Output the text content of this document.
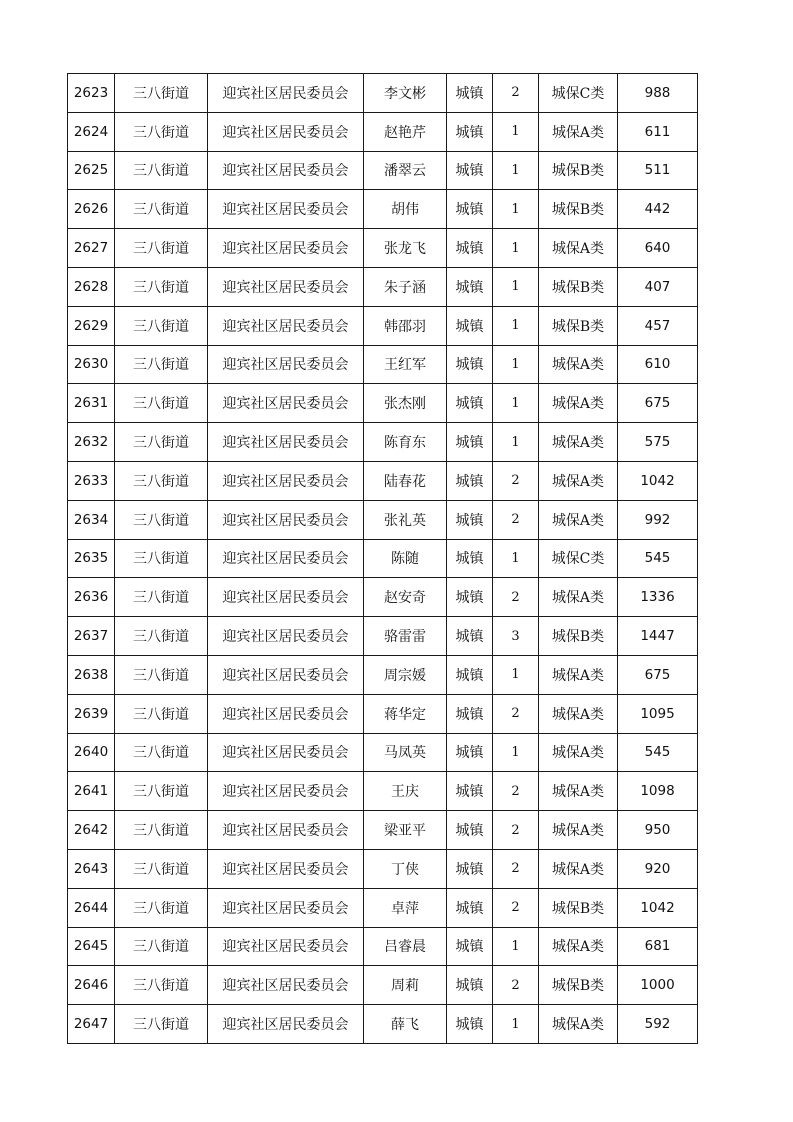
2623	三八街道	迎宾社区居民委员会	李文彬	城镇	2	城保C类	988
2624	三八街道	迎宾社区居民委员会	赵艳芹	城镇	1	城保A类	611
2625	三八街道	迎宾社区居民委员会	潘翠云	城镇	1	城保B类	511
2626	三八街道	迎宾社区居民委员会	胡伟	城镇	1	城保B类	442
2627	三八街道	迎宾社区居民委员会	张龙飞	城镇	1	城保A类	640
2628	三八街道	迎宾社区居民委员会	朱子涵	城镇	1	城保B类	407
2629	三八街道	迎宾社区居民委员会	韩邵羽	城镇	1	城保B类	457
2630	三八街道	迎宾社区居民委员会	王红军	城镇	1	城保A类	610
2631	三八街道	迎宾社区居民委员会	张杰刚	城镇	1	城保A类	675
2632	三八街道	迎宾社区居民委员会	陈育东	城镇	1	城保A类	575
2633	三八街道	迎宾社区居民委员会	陆春花	城镇	2	城保A类	1042
2634	三八街道	迎宾社区居民委员会	张礼英	城镇	2	城保A类	992
2635	三八街道	迎宾社区居民委员会	陈随	城镇	1	城保C类	545
2636	三八街道	迎宾社区居民委员会	赵安奇	城镇	2	城保A类	1336
2637	三八街道	迎宾社区居民委员会	骆雷雷	城镇	3	城保B类	1447
2638	三八街道	迎宾社区居民委员会	周宗媛	城镇	1	城保A类	675
2639	三八街道	迎宾社区居民委员会	蒋华定	城镇	2	城保A类	1095
2640	三八街道	迎宾社区居民委员会	马凤英	城镇	1	城保A类	545
2641	三八街道	迎宾社区居民委员会	王庆	城镇	2	城保A类	1098
2642	三八街道	迎宾社区居民委员会	梁亚平	城镇	2	城保A类	950
2643	三八街道	迎宾社区居民委员会	丁侠	城镇	2	城保A类	920
2644	三八街道	迎宾社区居民委员会	卓萍	城镇	2	城保B类	1042
2645	三八街道	迎宾社区居民委员会	吕睿晨	城镇	1	城保A类	681
2646	三八街道	迎宾社区居民委员会	周莉	城镇	2	城保B类	1000
2647	三八街道	迎宾社区居民委员会	薛飞	城镇	1	城保A类	592
